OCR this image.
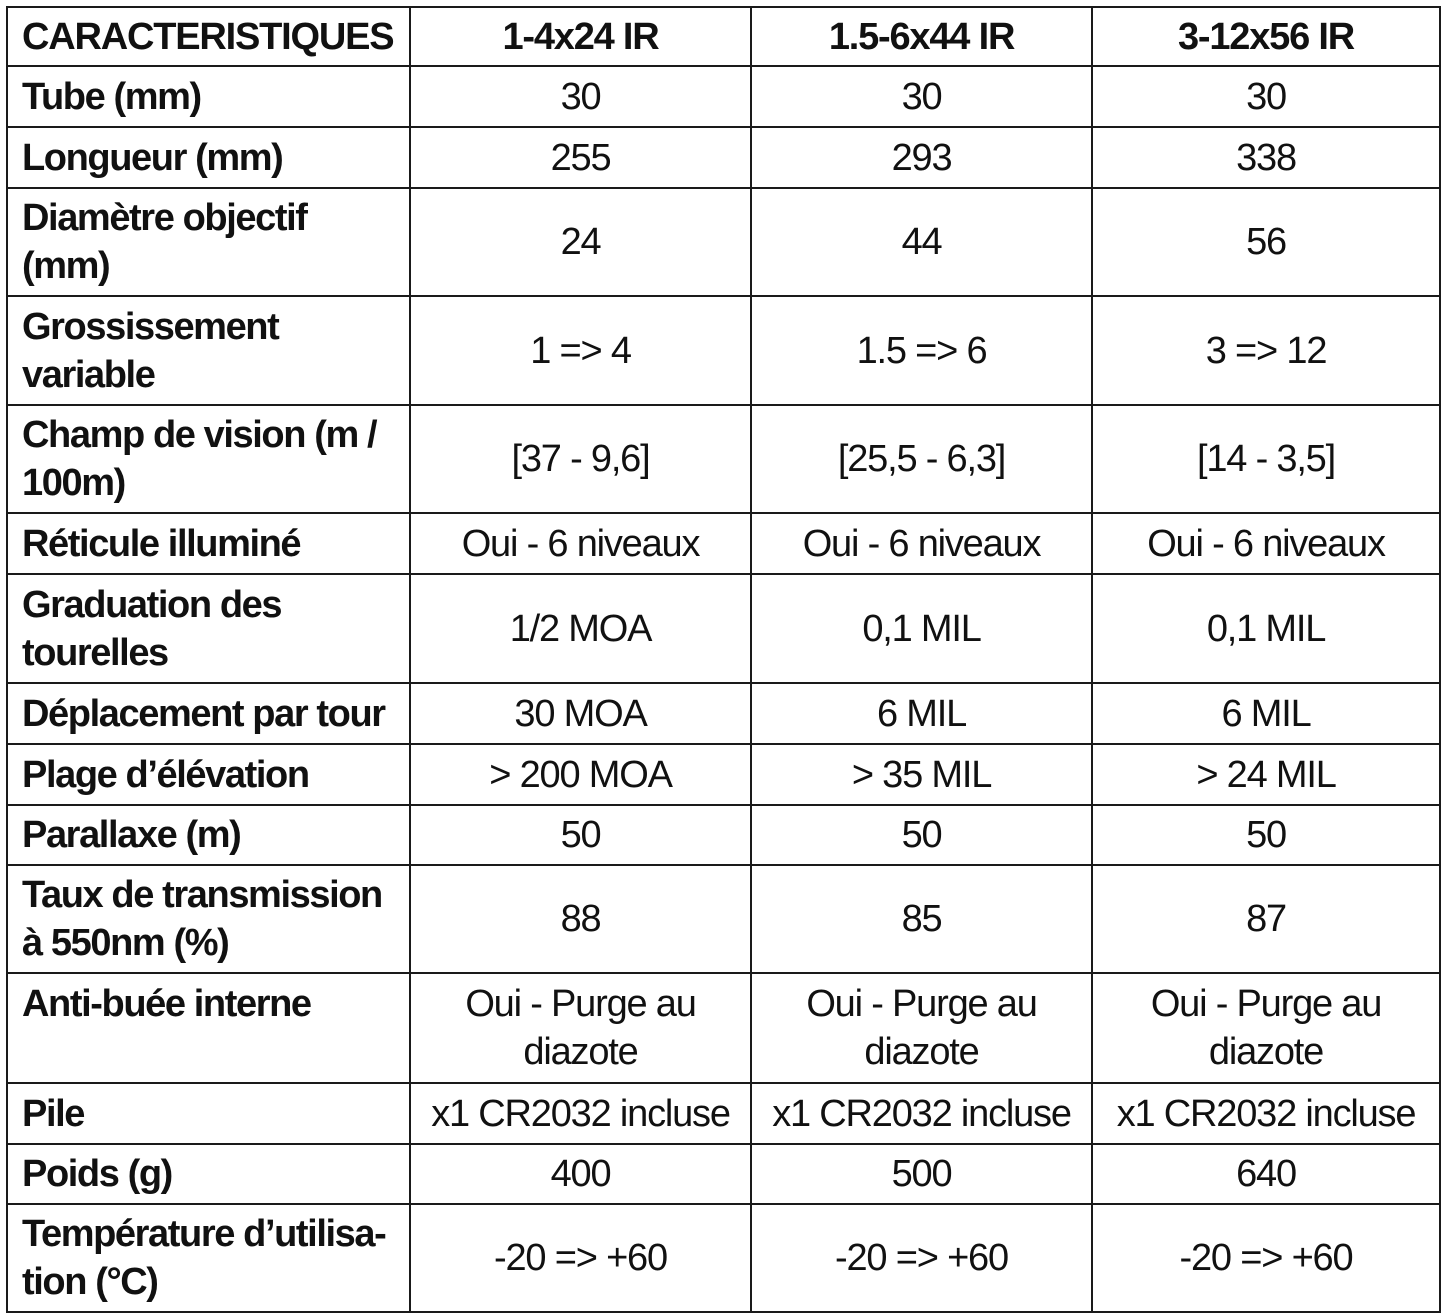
CARACTERISTIQUES	1-4x24 IR	1.5-6x44 IR	3-12x56 IR
Tube (mm)	30	30	30
Longueur (mm)	255	293	338
Diamètre objectif (mm)	24	44	56
Grossissement variable	1 => 4	1.5 => 6	3 => 12
Champ de vision (m / 100m)	[37 - 9,6]	[25,5 - 6,3]	[14 - 3,5]
Réticule illuminé	Oui - 6 niveaux	Oui - 6 niveaux	Oui - 6 niveaux
Graduation des tourelles	1/2 MOA	0,1 MIL	0,1 MIL
Déplacement par tour	30 MOA	6 MIL	6 MIL
Plage d’élévation	> 200 MOA	> 35 MIL	> 24 MIL
Parallaxe (m)	50	50	50
Taux de transmission à 550nm (%)	88	85	87
Anti-buée interne	Oui - Purge au diazote	Oui - Purge au diazote	Oui - Purge au diazote
Pile	x1 CR2032 incluse	x1 CR2032 incluse	x1 CR2032 incluse
Poids (g)	400	500	640
Température d’utilisa-tion (°C)	-20 => +60	-20 => +60	-20 => +60
